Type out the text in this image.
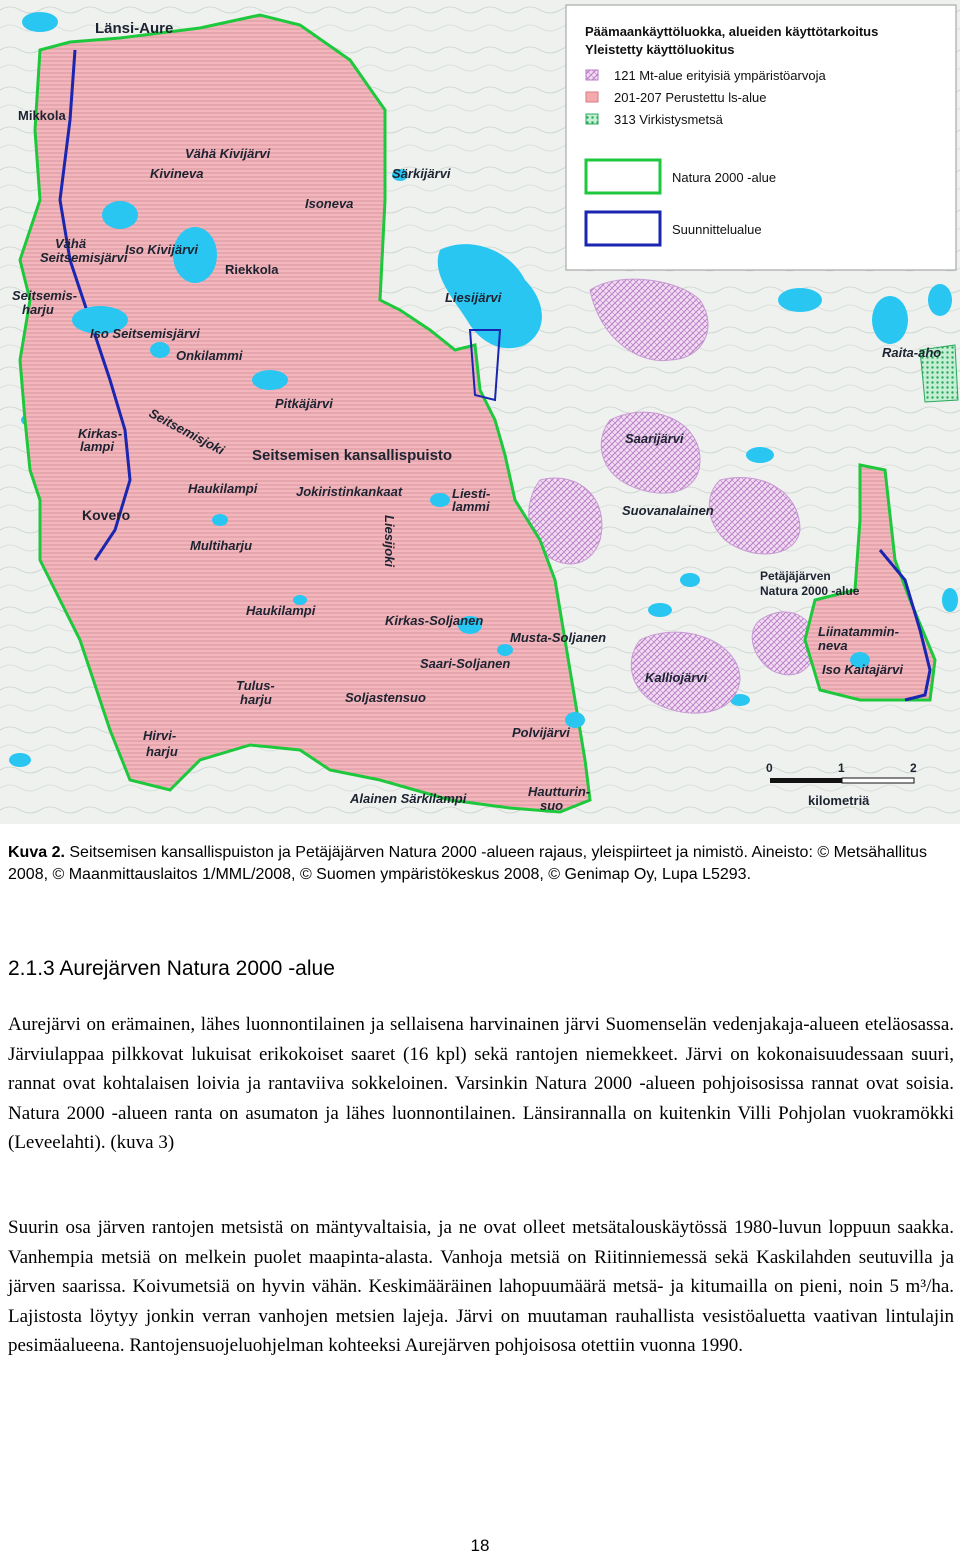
Länsi-Aure
Mikkola
Vähä Kivijärvi
Kivineva	Särkijärvi
Isoneva
Vähä
Seitsemisjärvi
Iso Kivijärvi
Riekkola
Seitsemis-
harju
Liesijärvi
Iso Seitsemisjärvi
Onkilammi
Pitkäjärvi
Seitsemisjoki
Kirkas-
lampi
Seitsemisen kansallispuisto
Raitа-aho
Saarijärvi
Haukilampi	Jokiristinkankaat	Liesti-
lammi
Kovero	Suovanalainen
Liesijoki
Multiharju
Petäjäjärven
Natura 2000 -alue
Haukilampi
Kirkas-Soljanen
Liinatammin-
neva
Musta-Soljanen
Iso Kaitajärvi
Tulus-
harju
Saari-Soljanen
Kalliojärvi
Soljastensuo
Hirvi-
harju
Polvijärvi
Alainen Särkilampi	Hautturin-
suo
Päämaankäyttöluokka, alueiden käyttötarkoitus
Yleistetty käyttöluokitus
121 Mt-alue erityisiä ympäristöarvoja
201-207 Perustettu ls-alue
313 Virkistysmetsä
Natura 2000 -alue
Suunnittelualue
0	1	2
kilometriä
Kuva 2. Seitsemisen kansallispuiston ja Petäjäjärven Natura 2000 -alueen rajaus, yleispiirteet ja nimistö. Aineisto: © Metsähallitus 2008, © Maanmittauslaitos 1/MML/2008, © Suomen ympäristökeskus 2008, © Genimap Oy, Lupa L5293.
2.1.3 Aurejärven Natura 2000 -alue
Aurejärvi on erämainen, lähes luonnontilainen ja sellaisena harvinainen järvi Suomenselän vedenjakaja-alueen eteläosassa. Järviulappaa pilkkovat lukuisat erikokoiset saaret (16 kpl) sekä rantojen niemekkeet. Järvi on kokonaisuudessaan suuri, rannat ovat kohtalaisen loivia ja rantaviiva sokkeloinen. Varsinkin Natura 2000 -alueen pohjoisosissa rannat ovat soisia. Natura 2000 -alueen ranta on asumaton ja lähes luonnontilainen. Länsirannalla on kuitenkin Villi Pohjolan vuokramökki (Leveelahti). (kuva 3)
Suurin osa järven rantojen metsistä on mäntyvaltaisia, ja ne ovat olleet metsätalouskäytössä 1980-luvun loppuun saakka. Vanhempia metsiä on melkein puolet maapinta-alasta. Vanhoja metsiä on Riitinniemessä sekä Kaskilahden seutuvilla ja järven saarissa. Koivumetsiä on hyvin vähän. Keskimääräinen lahopuumäärä metsä- ja kitumailla on pieni, noin 5 m³/ha. Lajistosta löytyy jonkin verran vanhojen metsien lajeja. Järvi on muutaman rauhallista vesistöaluetta vaativan lintulajin pesimäalueena. Rantojensuojeluohjelman kohteeksi Aurejärven pohjoisosa otettiin vuonna 1990.
18
